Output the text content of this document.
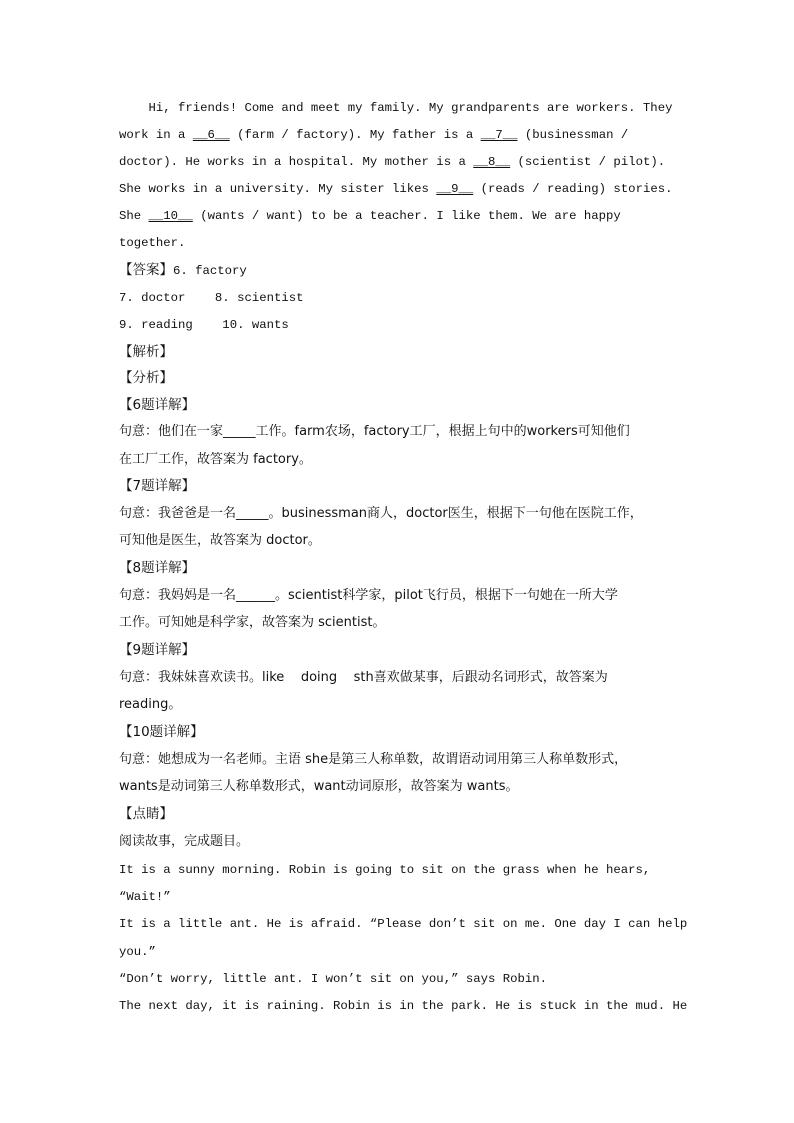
Hi, friends! Come and meet my family. My grandparents are workers. They
work in a __6__ (farm / factory). My father is a __7__ (businessman /
doctor). He works in a hospital. My mother is a __8__ (scientist / pilot).
She works in a university. My sister likes __9__ (reads / reading) stories.
She __10__ (wants / want) to be a teacher. I like them. We are happy
together.
【答案】6. factory
7. doctor    8. scientist
9. reading    10. wants
【解析】
【分析】
【6题详解】
句意：他们在一家_____工作。farm农场，factory工厂，根据上句中的workers可知他们
在工厂工作，故答案为 factory。
【7题详解】
句意：我爸爸是一名_____。businessman商人，doctor医生，根据下一句他在医院工作，
可知他是医生，故答案为 doctor。
【8题详解】
句意：我妈妈是一名______。scientist科学家，pilot飞行员，根据下一句她在一所大学
工作。可知她是科学家，故答案为 scientist。
【9题详解】
句意：我妹妹喜欢读书。like    doing    sth喜欢做某事，后跟动名词形式，故答案为
reading。
【10题详解】
句意：她想成为一名老师。主语 she是第三人称单数，故谓语动词用第三人称单数形式，
wants是动词第三人称单数形式，want动词原形，故答案为 wants。
【点睛】
阅读故事，完成题目。
It is a sunny morning. Robin is going to sit on the grass when he hears,
“Wait!”
It is a little ant. He is afraid. “Please don’t sit on me. One day I can help
you.”
“Don’t worry, little ant. I won’t sit on you,” says Robin.
The next day, it is raining. Robin is in the park. He is stuck in the mud. He
